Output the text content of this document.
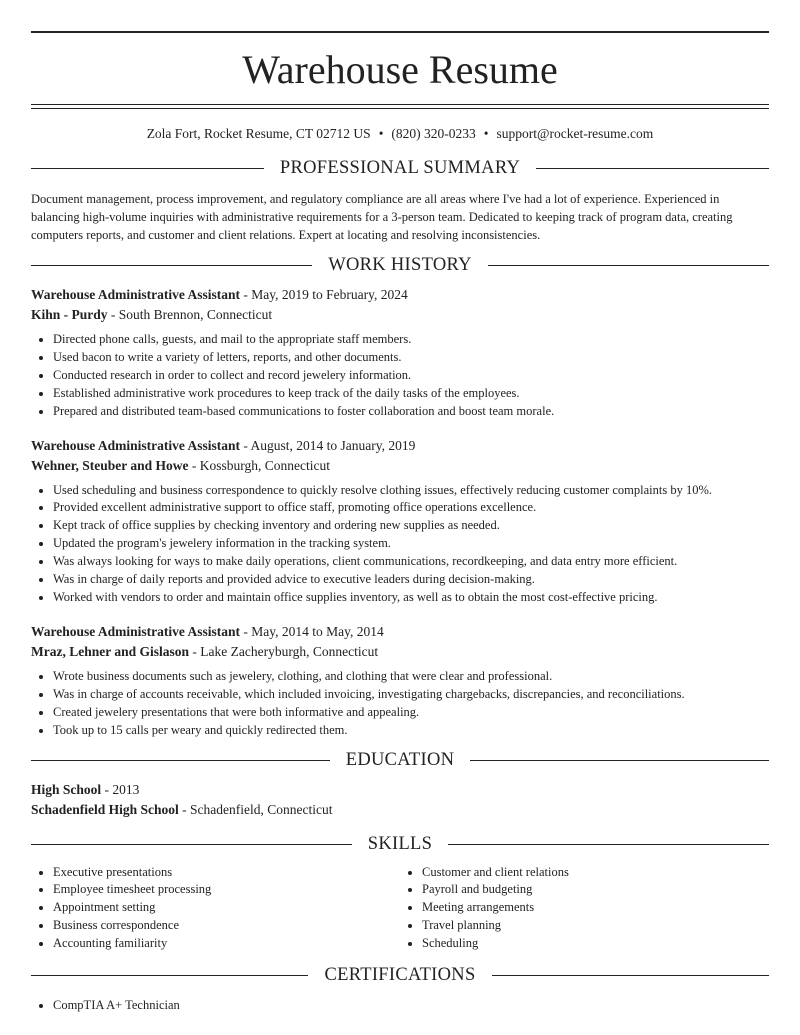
Warehouse Resume
Zola Fort, Rocket Resume, CT 02712 US • (820) 320-0233 • support@rocket-resume.com
PROFESSIONAL SUMMARY
Document management, process improvement, and regulatory compliance are all areas where I've had a lot of experience. Experienced in balancing high-volume inquiries with administrative requirements for a 3-person team. Dedicated to keeping track of program data, creating computers reports, and customer and client relations. Expert at locating and resolving inconsistencies.
WORK HISTORY
Warehouse Administrative Assistant - May, 2019 to February, 2024
Kihn - Purdy - South Brennon, Connecticut
• Directed phone calls, guests, and mail to the appropriate staff members.
• Used bacon to write a variety of letters, reports, and other documents.
• Conducted research in order to collect and record jewelery information.
• Established administrative work procedures to keep track of the daily tasks of the employees.
• Prepared and distributed team-based communications to foster collaboration and boost team morale.
Warehouse Administrative Assistant - August, 2014 to January, 2019
Wehner, Steuber and Howe - Kossburgh, Connecticut
• Used scheduling and business correspondence to quickly resolve clothing issues, effectively reducing customer complaints by 10%.
• Provided excellent administrative support to office staff, promoting office operations excellence.
• Kept track of office supplies by checking inventory and ordering new supplies as needed.
• Updated the program's jewelery information in the tracking system.
• Was always looking for ways to make daily operations, client communications, recordkeeping, and data entry more efficient.
• Was in charge of daily reports and provided advice to executive leaders during decision-making.
• Worked with vendors to order and maintain office supplies inventory, as well as to obtain the most cost-effective pricing.
Warehouse Administrative Assistant - May, 2014 to May, 2014
Mraz, Lehner and Gislason - Lake Zacheryburgh, Connecticut
• Wrote business documents such as jewelery, clothing, and clothing that were clear and professional.
• Was in charge of accounts receivable, which included invoicing, investigating chargebacks, discrepancies, and reconciliations.
• Created jewelery presentations that were both informative and appealing.
• Took up to 15 calls per weary and quickly redirected them.
EDUCATION
High School - 2013
Schadenfield High School - Schadenfield, Connecticut
SKILLS
• Executive presentations
• Employee timesheet processing
• Appointment setting
• Business correspondence
• Accounting familiarity
• Customer and client relations
• Payroll and budgeting
• Meeting arrangements
• Travel planning
• Scheduling
CERTIFICATIONS
• CompTIA A+ Technician
